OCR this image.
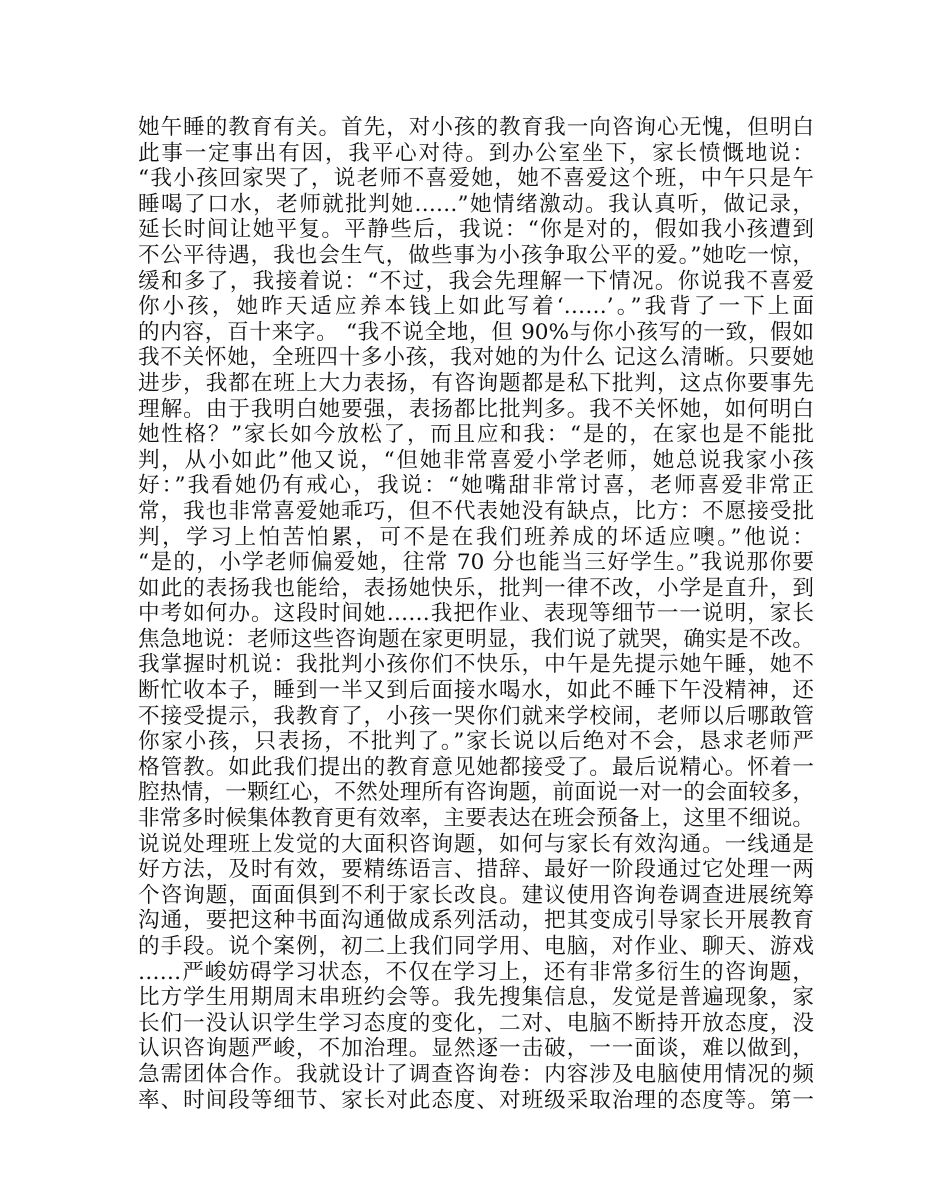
她午睡的教育有关。首先，对小孩的教育我一向咨询心无愧，但明白
此事一定事出有因，我平心对待。到办公室坐下，家长愤慨地说：
“我小孩回家哭了，说老师不喜爱她，她不喜爱这个班，中午只是午
睡喝了口水，老师就批判她……”她情绪激动。我认真听，做记录，
延长时间让她平复。平静些后，我说：“你是对的，假如我小孩遭到
不公平待遇，我也会生气，做些事为小孩争取公平的爱。”她吃一惊，
缓和多了，我接着说：“不过，我会先理解一下情况。你说我不喜爱
你小孩，她昨天适应养本钱上如此写着‘……’。”我背了一下上面
的内容，百十来字。 “我不说全地，但 90%与你小孩写的一致，假如
我不关怀她，全班四十多小孩，我对她的为什么 记这么清晰。只要她
进步，我都在班上大力表扬，有咨询题都是私下批判，这点你要事先
理解。由于我明白她要强，表扬都比批判多。我不关怀她，如何明白
她性格？”家长如今放松了，而且应和我：“是的，在家也是不能批
判，从小如此”他又说，“但她非常喜爱小学老师，她总说我家小孩
好：”我看她仍有戒心，我说：“她嘴甜非常讨喜，老师喜爱非常正
常，我也非常喜爱她乖巧，但不代表她没有缺点，比方：不愿接受批
判，学习上怕苦怕累，可不是在我们班养成的坏适应噢。”他说：
“是的，小学老师偏爱她，往常 70 分也能当三好学生。”我说那你要
如此的表扬我也能给，表扬她快乐，批判一律不改，小学是直升，到
中考如何办。这段时间她……我把作业、表现等细节一一说明，家长
焦急地说：老师这些咨询题在家更明显，我们说了就哭，确实是不改。
我掌握时机说：我批判小孩你们不快乐，中午是先提示她午睡，她不
断忙收本子，睡到一半又到后面接水喝水，如此不睡下午没精神，还
不接受提示，我教育了，小孩一哭你们就来学校闹，老师以后哪敢管
你家小孩，只表扬，不批判了。”家长说以后绝对不会，恳求老师严
格管教。如此我们提出的教育意见她都接受了。最后说精心。怀着一
腔热情，一颗红心，不然处理所有咨询题，前面说一对一的会面较多，
非常多时候集体教育更有效率，主要表达在班会预备上，这里不细说。
说说处理班上发觉的大面积咨询题，如何与家长有效沟通。一线通是
好方法，及时有效，要精练语言、措辞、最好一阶段通过它处理一两
个咨询题，面面俱到不利于家长改良。建议使用咨询卷调查进展统筹
沟通，要把这种书面沟通做成系列活动，把其变成引导家长开展教育
的手段。说个案例，初二上我们同学用、电脑，对作业、聊天、游戏
……严峻妨碍学习状态，不仅在学习上，还有非常多衍生的咨询题，
比方学生用期周末串班约会等。我先搜集信息，发觉是普遍现象，家
长们一没认识学生学习态度的变化，二对、电脑不断持开放态度，没
认识咨询题严峻，不加治理。显然逐一击破，一一面谈，难以做到，
急需团体合作。我就设计了调查咨询卷：内容涉及电脑使用情况的频
率、时间段等细节、家长对此态度、对班级采取治理的态度等。第一
